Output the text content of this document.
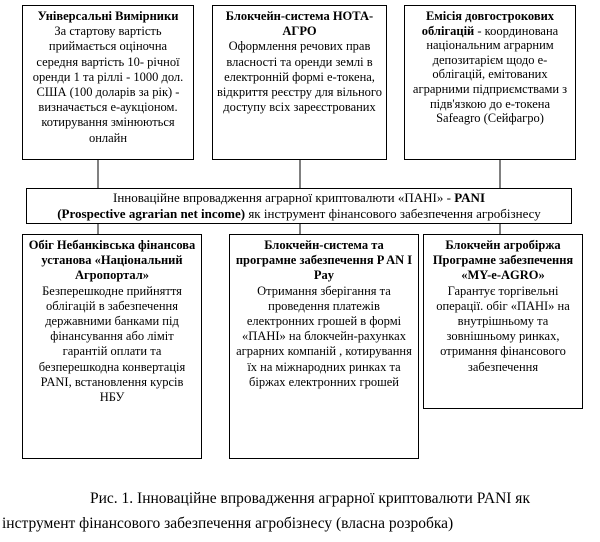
Універсальні Вимірники
За стартову вартість приймається оціночна середня вартість 10- річної оренди 1 та ріллі - 1000 дол. США (100 доларів за рік) - визначається е-аукціоном. котирування змінюються онлайн
Блокчейн-система НОТА-АГРО
Оформлення речових прав власності та оренди землі в електронній формі е-токена, відкриття реєстру для вільного доступу всіх зареєстрованих
Емісія довгострокових облігацій - координована національним аграрним депозитарієм щодо е-облігацій, емітованих аграрними підприємствами з підв'язкою до е-токена Safeagro (Сейфагро)
Інноваційне впровадження аграрної криптовалюти «ПАНІ» - PANI
(Prospective agrarian net income) як інструмент фінансового забезпечення агробізнесу
Обіг Небанківська фінансова установа «Національний Агропортал»
Безперешкодне прийняття облігацій в забезпечення державними банками під фінансування або ліміт гарантій оплати та безперешкодна конвертація PANI, встановлення курсів НБУ
Блокчейн-система та програмне забезпечення P AN I Pay
Отримання зберігання та проведення платежів електронних грошей в формі «ПАНІ» на блокчейн-рахунках аграрних компаній , котирування їх на міжнародних ринках та біржах електронних грошей
Блокчейн агробіржа Програмне забезпечення «MY-e-AGRO»
Гарантує торгівельні операції. обіг «ПАНІ» на внутрішньому та зовнішньому ринках, отримання фінансового забезпечення
Рис. 1. Інноваційне впровадження аграрної криптовалюти PANI як
інструмент фінансового забезпечення агробізнесу (власна розробка)
